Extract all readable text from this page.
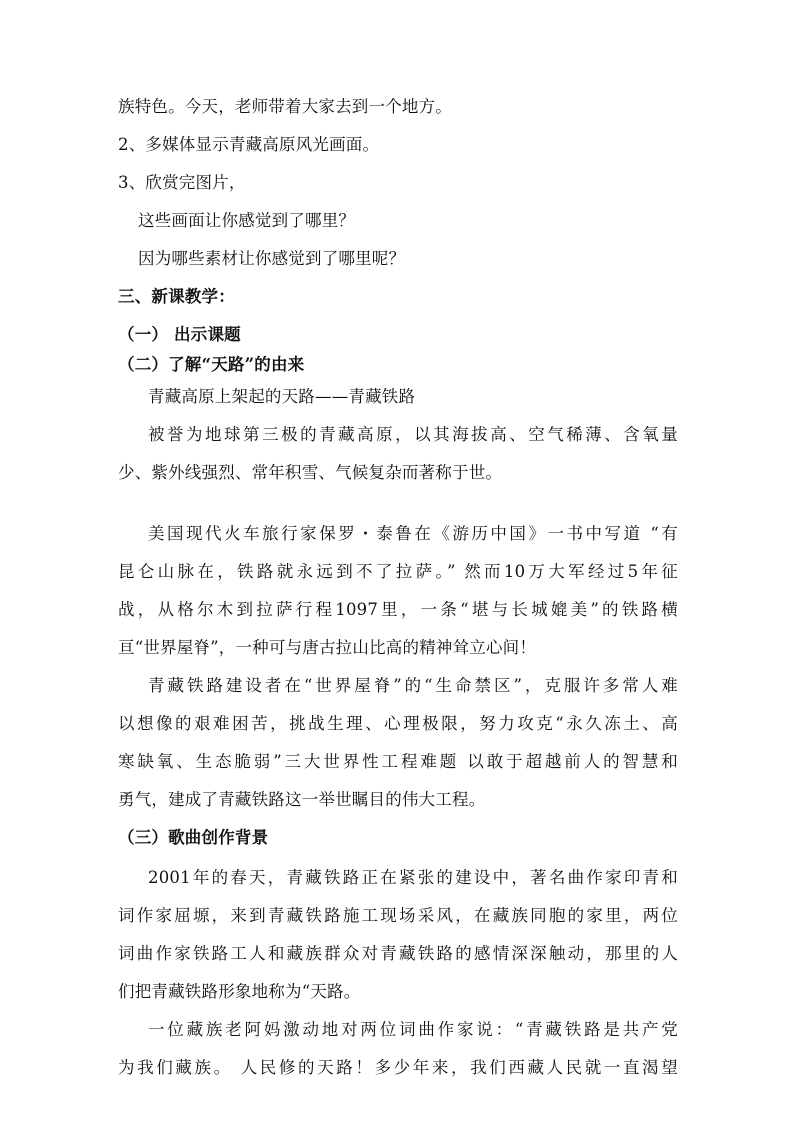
族特色。今天，老师带着大家去到一个地方。
2、多媒体显示青藏高原风光画面。
3、欣赏完图片，
这些画面让你感觉到了哪里？
因为哪些素材让你感觉到了哪里呢？
三、新课教学：
（一） 出示课题
（二）了解“天路”的由来
青藏高原上架起的天路——青藏铁路
被誉为地球第三极的青藏高原，以其海拔高、空气稀薄、含氧量
少、紫外线强烈、常年积雪、气候复杂而著称于世。
美国现代火车旅行家保罗・泰鲁在《游历中国》一书中写道 “有
昆仑山脉在，铁路就永远到不了拉萨。” 然而10万大军经过5年征
战，从格尔木到拉萨行程1097里，一条“堪与长城媲美”的铁路横
亘“世界屋脊”，一种可与唐古拉山比高的精神耸立心间！
青藏铁路建设者在“世界屋脊”的“生命禁区”，克服许多常人难
以想像的艰难困苦，挑战生理、心理极限，努力攻克“永久冻土、高
寒缺氧、生态脆弱”三大世界性工程难题 以敢于超越前人的智慧和
勇气，建成了青藏铁路这一举世瞩目的伟大工程。
（三）歌曲创作背景
2001年的春天，青藏铁路正在紧张的建设中，著名曲作家印青和
词作家屈塬，来到青藏铁路施工现场采风，在藏族同胞的家里，两位
词曲作家铁路工人和藏族群众对青藏铁路的感情深深触动，那里的人
们把青藏铁路形象地称为“天路。
一位藏族老阿妈激动地对两位词曲作家说：“青藏铁路是共产党
为我们藏族。 人民修的天路！多少年来，我们西藏人民就一直渴望
